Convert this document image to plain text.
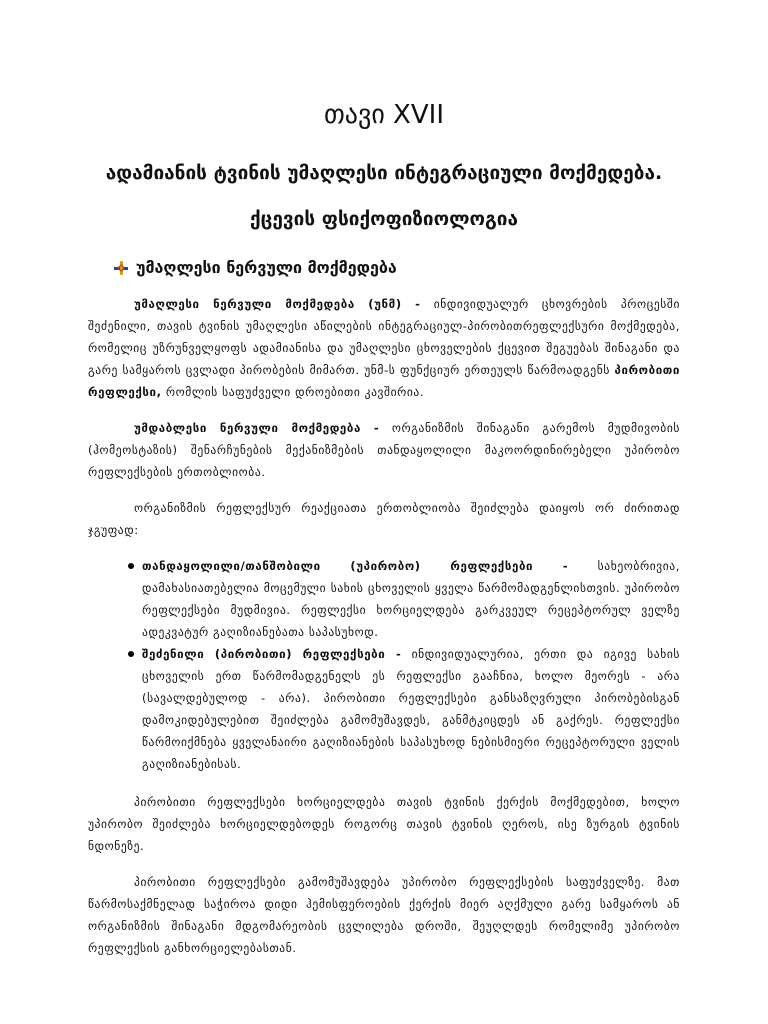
თავი XVII
ადამიანის ტვინის უმაღლესი ინტეგრაციული მოქმედება.
ქცევის ფსიქოფიზიოლოგია
უმაღლესი ნერვული მოქმედება

უმაღლესი ნერვული მოქმედება (უნმ) - ინდივიდუალურ ცხოვრების პროცესში შეძენილი, თავის ტვინის უმაღლესი აწილების ინტეგრაციულ-პირობითრეფლექსური მოქმედება, რომელიც უზრუნველყოფს ადამიანისა და უმაღლესი ცხოველების ქცევით შეგუებას შინაგანი და გარე სამყაროს ცვლადი პირობების მიმართ. უნმ-ს ფუნქციურ ერთეულს წარმოადგენს პირობითი რეფლექსი, რომლის საფუძველი დროებითი კავშირია.

უმდაბლესი ნერვული მოქმედება - ორგანიზმის შინაგანი გარემოს მუდმივობის (ჰომეოსტაზის) შენარჩუნების მექანიზმების თანდაყოლილი მაკოორდინირებელი უპირობო რეფლექსების ერთობლიობა.

ორგანიზმის რეფლექსურ რეაქციათა ერთობლიობა შეიძლება დაიყოს ორ ძირითად ჯგუფად:

თანდაყოლილი/თანშობილი (უპირობო) რეფლექსები - სახეობრივია, დამახასიათებელია მოცემული სახის ცხოველის ყველა წარმომადგენლისთვის. უპირობო რეფლექსები მუდმივია. რეფლექსი ხორციელდება გარკვეულ რეცეპტორულ ველზე ადეკვატურ გაღიზიანებათა საპასუხოდ.
შეძენილი (პირობითი) რეფლექსები - ინდივიდუალურია, ერთი და იგივე სახის ცხოველის ერთ წარმომადგენელს ეს რეფლექსი გააჩნია, ხოლო მეორეს - არა (სავალდებულოდ - არა). პირობითი რეფლექსები განსაზღვრული პირობებისგან დამოკიდებულებით შეიძლება გამომუშავდეს, განმტკიცდეს ან გაქრეს. რეფლექსი წარმოიქმნება ყველანაირი გაღიზიანების საპასუხოდ ნებისმიერი რეცეპტორული ველის გაღიზიანებისას.

პირობითი რეფლექსები ხორციელდება თავის ტვინის ქერქის მოქმედებით, ხოლო უპირობო შეიძლება ხორციელდებოდეს როგორც თავის ტვინის ღეროს, ისე ზურგის ტვინის ნდონეზე.

პირობითი რეფლექსები გამომუშავდება უპირობო რეფლექსების საფუძველზე. მათ წარმოსაქმნელად საჭიროა დიდი ჰემისფეროების ქერქის მიერ აღქმული გარე სამყაროს ან ორგანიზმის შინაგანი მდგომარეობის ცვლილება დროში, შეუღლდეს რომელიმე უპირობო რეფლექსის განხორციელებასთან.
